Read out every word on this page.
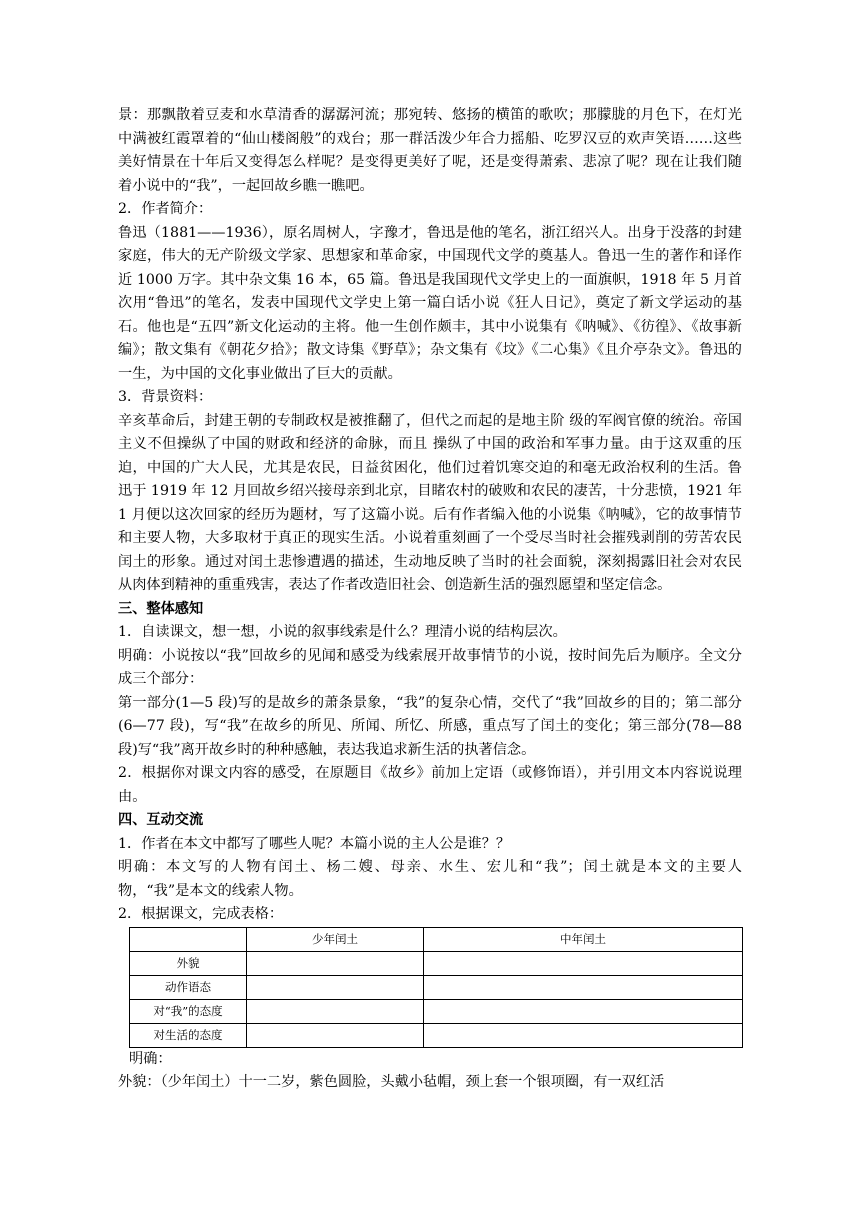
景：那飘散着豆麦和水草清香的潺潺河流；那宛转、悠扬的横笛的歌吹；那朦胧的月色下，在灯光中满被红霞罩着的“仙山楼阁般”的戏台；那一群活泼少年合力摇船、吃罗汉豆的欢声笑语……这些美好情景在十年后又变得怎么样呢？是变得更美好了呢，还是变得萧索、悲凉了呢？现在让我们随着小说中的“我”，一起回故乡瞧一瞧吧。

2．作者简介：

鲁迅（1881——1936），原名周树人，字豫才，鲁迅是他的笔名，浙江绍兴人。出身于没落的封建家庭，伟大的无产阶级文学家、思想家和革命家，中国现代文学的奠基人。鲁迅一生的著作和译作近 1000 万字。其中杂文集 16 本，65 篇。鲁迅是我国现代文学史上的一面旗帜，1918 年 5 月首次用“鲁迅”的笔名，发表中国现代文学史上第一篇白话小说《狂人日记》，奠定了新文学运动的基石。他也是“五四”新文化运动的主将。他一生创作颇丰，其中小说集有《呐喊》、《彷徨》、《故事新编》；散文集有《朝花夕拾》；散文诗集《野草》；杂文集有《坟》《二心集》《且介亭杂文》。鲁迅的一生，为中国的文化事业做出了巨大的贡献。

3．背景资料：

辛亥革命后，封建王朝的专制政权是被推翻了，但代之而起的是地主阶 级的军阀官僚的统治。帝国主义不但操纵了中国的财政和经济的命脉，而且 操纵了中国的政治和军事力量。由于这双重的压迫，中国的广大人民，尤其是农民，日益贫困化，他们过着饥寒交迫的和毫无政治权利的生活。鲁迅于 1919 年 12 月回故乡绍兴接母亲到北京，目睹农村的破败和农民的凄苦，十分悲愤，1921 年 1 月便以这次回家的经历为题材，写了这篇小说。后有作者编入他的小说集《呐喊》，它的故事情节和主要人物，大多取材于真正的现实生活。小说着重刻画了一个受尽当时社会摧残剥削的劳苦农民闰土的形象。通过对闰土悲惨遭遇的描述，生动地反映了当时的社会面貌，深刻揭露旧社会对农民从肉体到精神的重重残害，表达了作者改造旧社会、创造新生活的强烈愿望和坚定信念。

三、整体感知

1．自读课文，想一想，小说的叙事线索是什么？理清小说的结构层次。

明确：小说按以“我”回故乡的见闻和感受为线索展开故事情节的小说，按时间先后为顺序。全文分成三个部分：

第一部分(1—5 段)写的是故乡的萧条景象，“我”的复杂心情，交代了“我”回故乡的目的；第二部分(6—77 段)，写“我”在故乡的所见、所闻、所忆、所感，重点写了闰土的变化；第三部分(78—88 段)写“我”离开故乡时的种种感触，表达我追求新生活的执著信念。

2．根据你对课文内容的感受，在原题目《故乡》前加上定语（或修饰语），并引用文本内容说说理由。

四、互动交流

1．作者在本文中都写了哪些人呢？本篇小说的主人公是谁？？

明确：本文写的人物有闰土、杨二嫂、母亲、水生、宏儿和“我”；闰土就是本文的主要人物，“我”是本文的线索人物。

2．根据课文，完成表格：

	少年闰土	中年闰土
外貌		
动作语态		
对“我”的态度		
对生活的态度		

明确：

外貌：（少年闰土）十一二岁，紫色圆脸，头戴小毡帽，颈上套一个银项圈，有一双红活
